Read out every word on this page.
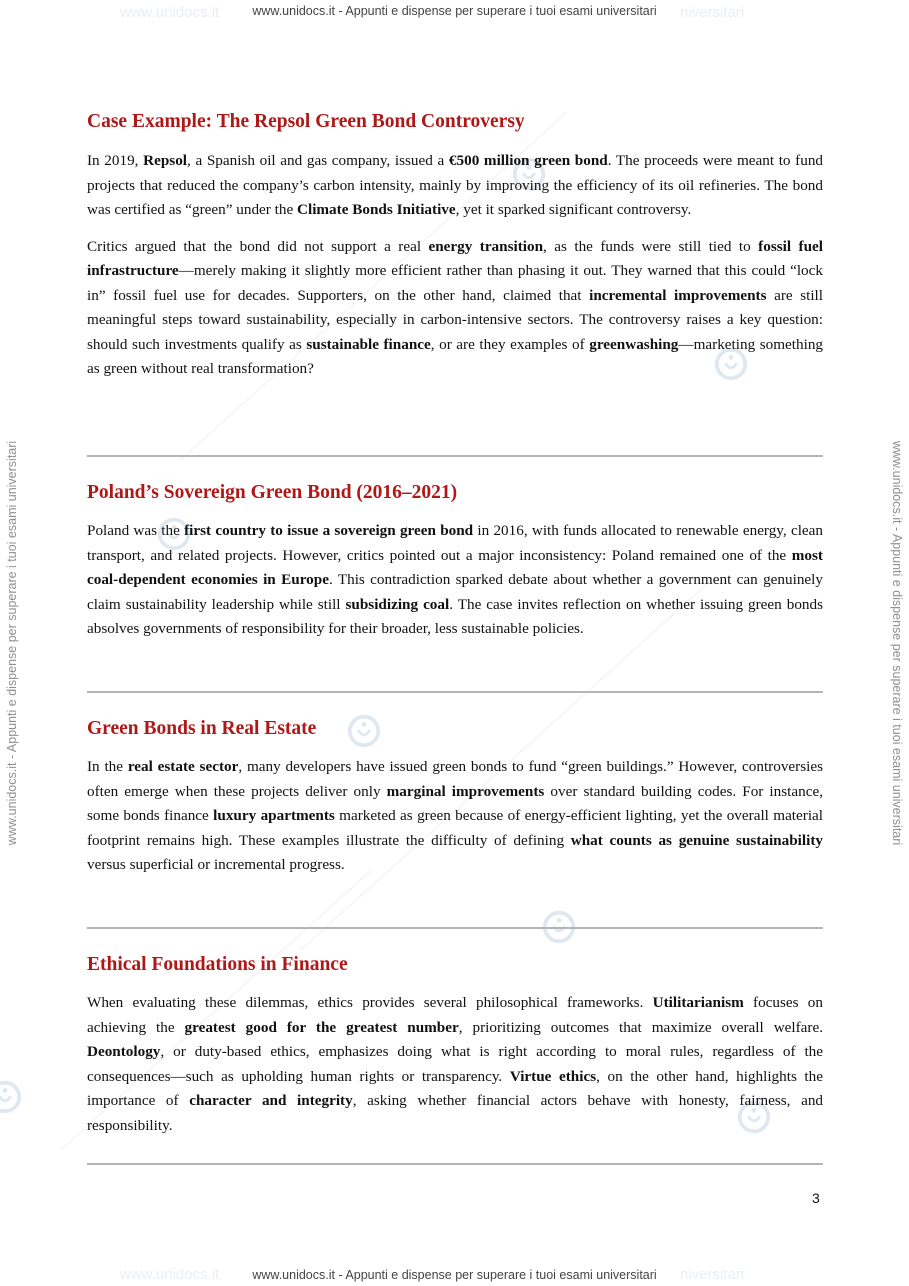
www.unidocs.it	niversitari
www.unidocs.it	niversitari
www.unidocs.it - Appunti e dispense per superare i tuoi esami universitari
www.unidocs.it - Appunti e dispense per superare i tuoi esami universitari
www.unidocs.it - Appunti e dispense per superare i tuoi esami universitari	www.unidocs.it - Appunti e dispense per superare i tuoi esami universitari
Case Example: The Repsol Green Bond Controversy

In 2019, Repsol, a Spanish oil and gas company, issued a €500 million green bond. The proceeds were meant to fund projects that reduced the company’s carbon intensity, mainly by improving the efficiency of its oil refineries. The bond was certified as “green” under the Climate Bonds Initiative, yet it sparked significant controversy.

Critics argued that the bond did not support a real energy transition, as the funds were still tied to fossil fuel infrastructure—merely making it slightly more efficient rather than phasing it out. They warned that this could “lock in” fossil fuel use for decades. Supporters, on the other hand, claimed that incremental improvements are still meaningful steps toward sustainability, especially in carbon-intensive sectors. The controversy raises a key question: should such investments qualify as sustainable finance, or are they examples of greenwashing—marketing something as green without real transformation?

Poland’s Sovereign Green Bond (2016–2021)

Poland was the first country to issue a sovereign green bond in 2016, with funds allocated to renewable energy, clean transport, and related projects. However, critics pointed out a major inconsistency: Poland remained one of the most coal-dependent economies in Europe. This contradiction sparked debate about whether a government can genuinely claim sustainability leadership while still subsidizing coal. The case invites reflection on whether issuing green bonds absolves governments of responsibility for their broader, less sustainable policies.

Green Bonds in Real Estate

In the real estate sector, many developers have issued green bonds to fund “green buildings.” However, controversies often emerge when these projects deliver only marginal improvements over standard building codes. For instance, some bonds finance luxury apartments marketed as green because of energy-efficient lighting, yet the overall material footprint remains high. These examples illustrate the difficulty of defining what counts as genuine sustainability versus superficial or incremental progress.

Ethical Foundations in Finance

When evaluating these dilemmas, ethics provides several philosophical frameworks. Utilitarianism focuses on achieving the greatest good for the greatest number, prioritizing outcomes that maximize overall welfare. Deontology, or duty-based ethics, emphasizes doing what is right according to moral rules, regardless of the consequences—such as upholding human rights or transparency. Virtue ethics, on the other hand, highlights the importance of character and integrity, asking whether financial actors behave with honesty, fairness, and responsibility.

3
